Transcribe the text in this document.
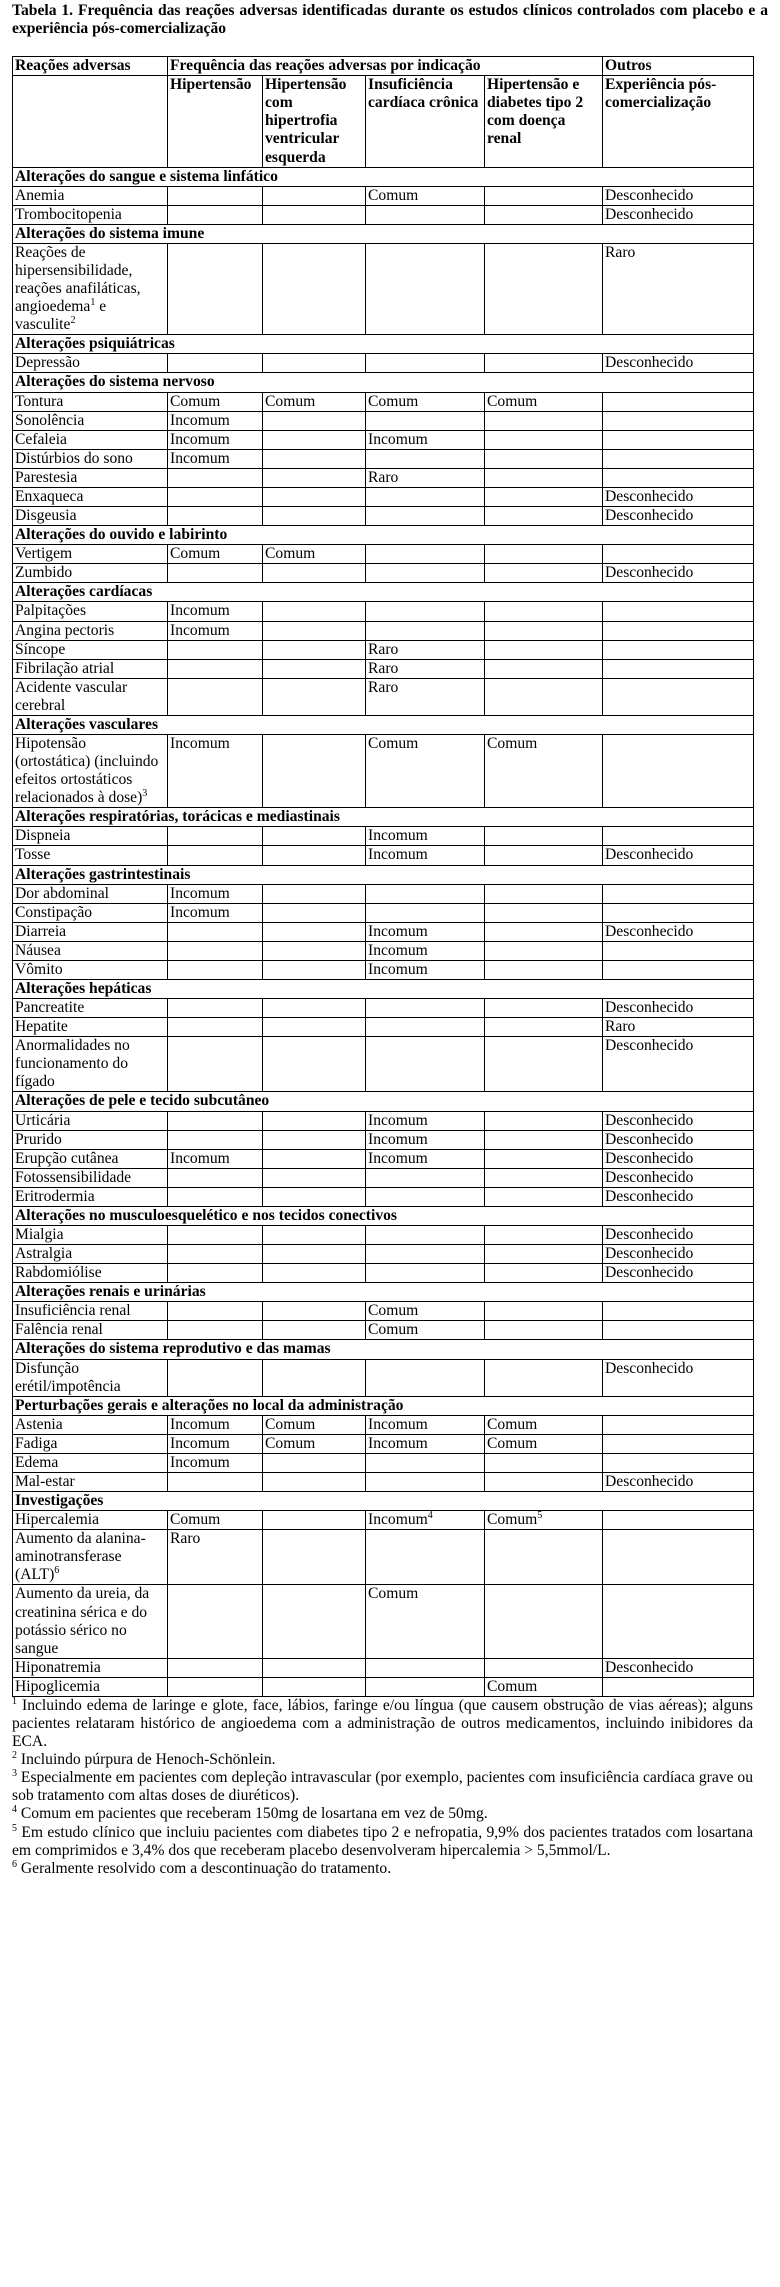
Tabela 1. Frequência das reações adversas identificadas durante os estudos clínicos controlados com placebo e a experiência pós-comercialização
Reações adversas	Frequência das reações adversas por indicação				Outros
	Hipertensão	Hipertensão com hipertrofia ventricular esquerda	Insuficiência cardíaca crônica	Hipertensão e diabetes tipo 2 com doença renal	Experiência pós-comercialização
Alterações do sangue e sistema linfático					
Anemia			Comum		Desconhecido
Trombocitopenia					Desconhecido
Alterações do sistema imune					
Reações de hipersensibilidade, reações anafiláticas, angioedema$^1$ e vasculite$^2$					Raro
Alterações psiquiátricas					
Depressão					Desconhecido
Alterações do sistema nervoso					
Tontura	Comum	Comum	Comum	Comum	
Sonolência	Incomum				
Cefaleia	Incomum		Incomum		
Distúrbios do sono	Incomum				
Parestesia			Raro		
Enxaqueca					Desconhecido
Disgeusia					Desconhecido
Alterações do ouvido e labirinto					
Vertigem	Comum	Comum			
Zumbido					Desconhecido
Alterações cardíacas					
Palpitações	Incomum				
Angina pectoris	Incomum				
Síncope			Raro		
Fibrilação atrial			Raro		
Acidente vascular cerebral			Raro		
Alterações vasculares					
Hipotensão (ortostática) (incluindo efeitos ortostáticos relacionados à dose)$^3$	Incomum		Comum	Comum	
Alterações respiratórias, torácicas e mediastinais					
Dispneia			Incomum		
Tosse			Incomum		Desconhecido
Alterações gastrintestinais					
Dor abdominal	Incomum				
Constipação	Incomum				
Diarreia			Incomum		Desconhecido
Náusea			Incomum		
Vômito			Incomum		
Alterações hepáticas					
Pancreatite					Desconhecido
Hepatite					Raro
Anormalidades no funcionamento do fígado					Desconhecido
Alterações de pele e tecido subcutâneo					
Urticária			Incomum		Desconhecido
Prurido			Incomum		Desconhecido
Erupção cutânea	Incomum		Incomum		Desconhecido
Fotossensibilidade					Desconhecido
Eritrodermia					Desconhecido
Alterações no musculoesquelético e nos tecidos conectivos					
Mialgia					Desconhecido
Astralgia					Desconhecido
Rabdomiólise					Desconhecido
Alterações renais e urinárias					
Insuficiência renal			Comum		
Falência renal			Comum		
Alterações do sistema reprodutivo e das mamas					
Disfunção erétil/impotência					Desconhecido
Perturbações gerais e alterações no local da administração					
Astenia	Incomum	Comum	Incomum	Comum	
Fadiga	Incomum	Comum	Incomum	Comum	
Edema	Incomum				
Mal-estar					Desconhecido
Investigações					
Hipercalemia	Comum		Incomum$^4$	Comum$^5$	
Aumento da alanina-aminotransferase (ALT)$^6$	Raro				
Aumento da ureia, da creatinina sérica e do potássio sérico no sangue			Comum		
Hiponatremia					Desconhecido
Hipoglicemia				Comum	
$^1$ Incluindo edema de laringe e glote, face, lábios, faringe e/ou língua (que causem obstrução de vias aéreas); alguns pacientes relataram histórico de angioedema com a administração de outros medicamentos, incluindo inibidores da ECA.
$^2$ Incluindo púrpura de Henoch-Schönlein.
$^3$ Especialmente em pacientes com depleção intravascular (por exemplo, pacientes com insuficiência cardíaca grave ou sob tratamento com altas doses de diuréticos).
$^4$ Comum em pacientes que receberam 150mg de losartana em vez de 50mg.
$^5$ Em estudo clínico que incluiu pacientes com diabetes tipo 2 e nefropatia, 9,9% dos pacientes tratados com losartana em comprimidos e 3,4% dos que receberam placebo desenvolveram hipercalemia > 5,5mmol/L.
$^6$ Geralmente resolvido com a descontinuação do tratamento.
